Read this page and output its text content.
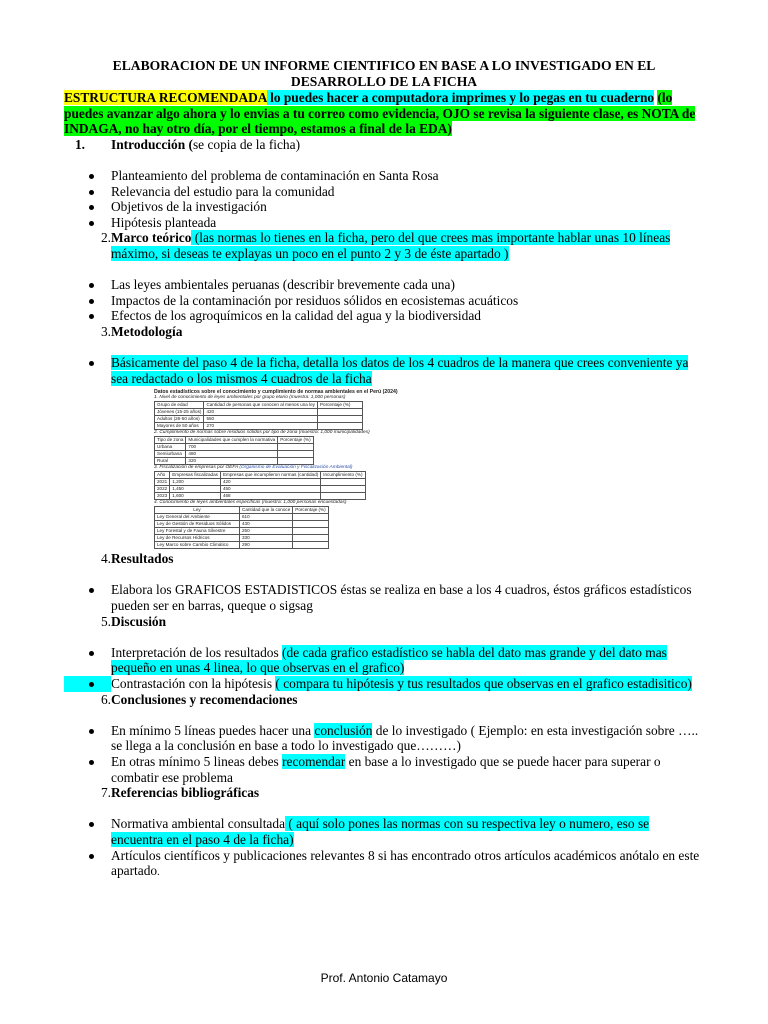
ELABORACION DE UN INFORME CIENTIFICO EN BASE A LO INVESTIGADO EN EL DESARROLLO DE LA FICHA

ESTRUCTURA RECOMENDADA lo puedes hacer a computadora imprimes y lo pegas en tu cuaderno (lo puedes avanzar algo ahora y lo envias a tu correo como evidencia, OJO se revisa la siguiente clase, es NOTA de INDAGA, no hay otro día, por el tiempo, estamos a final de la EDA)

1.	Introducción (se copia de la ficha)
Planteamiento del problema de contaminación en Santa Rosa
Relevancia del estudio para la comunidad
Objetivos de la investigación
Hipótesis planteada
2. Marco teórico (las normas lo tienes en la ficha, pero del que crees mas importante hablar unas 10 líneas máximo, si deseas te explayas un poco en el punto 2 y 3 de éste apartado )
Las leyes ambientales peruanas (describir brevemente cada una)
Impactos de la contaminación por residuos sólidos en ecosistemas acuáticos
Efectos de los agroquímicos en la calidad del agua y la biodiversidad
3. Metodología
Básicamente del paso 4 de la ficha, detalla los datos de los 4 cuadros de la manera que crees conveniente ya sea redactado o los mismos 4 cuadros de la ficha
Datos estadísticos sobre el conocimiento y cumplimiento de normas ambientales en el Perú (2024)
1. Nivel de conocimiento de leyes ambientales por grupo etario (muestra: 1,000 personas)
Grupo de edad	Cantidad de personas que conocen al menos una ley	Porcentaje (%)
Jóvenes (15-25 años)	420	
Adultos (26-50 años)	550	
Mayores de 50 años	270	
2. Cumplimiento de normas sobre residuos sólidos por tipo de zona (muestra: 1,000 municipalidades)
Tipo de zona	Municipalidades que cumplen la normativa	Porcentaje (%)
Urbana	700	
Semiurbana	480	
Rural	320	
3. Fiscalización de empresas por OEFA (Organismo de Evaluación y Fiscalización Ambiental)
Año	Empresas fiscalizadas	Empresas que incumplieron normas (cantidad)	Incumplimiento (%)
2021	1,200	420	
2022	1,450	450	
2023	1,600	468	
4. Conocimiento de leyes ambientales específicas (muestra: 1,000 personas encuestadas)
Ley	Cantidad que la conoce	Porcentaje (%)
Ley General del Ambiente	610	
Ley de Gestión de Residuos Sólidos	430	
Ley Forestal y de Fauna Silvestre	250	
Ley de Recursos Hídricos	330	
Ley Marco sobre Cambio Climático	290	
4. Resultados
Elabora los GRAFICOS ESTADISTICOS éstas se realiza en base a los 4 cuadros, éstos gráficos estadísticos pueden ser en barras, queque o sigsag
5. Discusión
Interpretación de los resultados (de cada grafico estadístico se habla del dato mas grande y del dato mas pequeño en unas 4 linea, lo que observas en el grafico)
Contrastación con la hipótesis ( compara tu hipótesis y tus resultados que observas en el grafico estadisitico)
6. Conclusiones y recomendaciones
En mínimo 5 líneas puedes hacer una conclusión de lo investigado ( Ejemplo: en esta investigación sobre ….. se llega a la conclusión en base a todo lo investigado que………)
En otras mínimo 5 lineas debes recomendar en base a lo investigado que se puede hacer para superar o combatir ese problema
7. Referencias bibliográficas
Normativa ambiental consultada ( aquí solo pones las normas con su respectiva ley o numero, eso se encuentra en el paso 4 de la ficha)
Artículos científicos y publicaciones relevantes 8 si has encontrado otros artículos académicos anótalo en este apartado.
Prof. Antonio Catamayo
